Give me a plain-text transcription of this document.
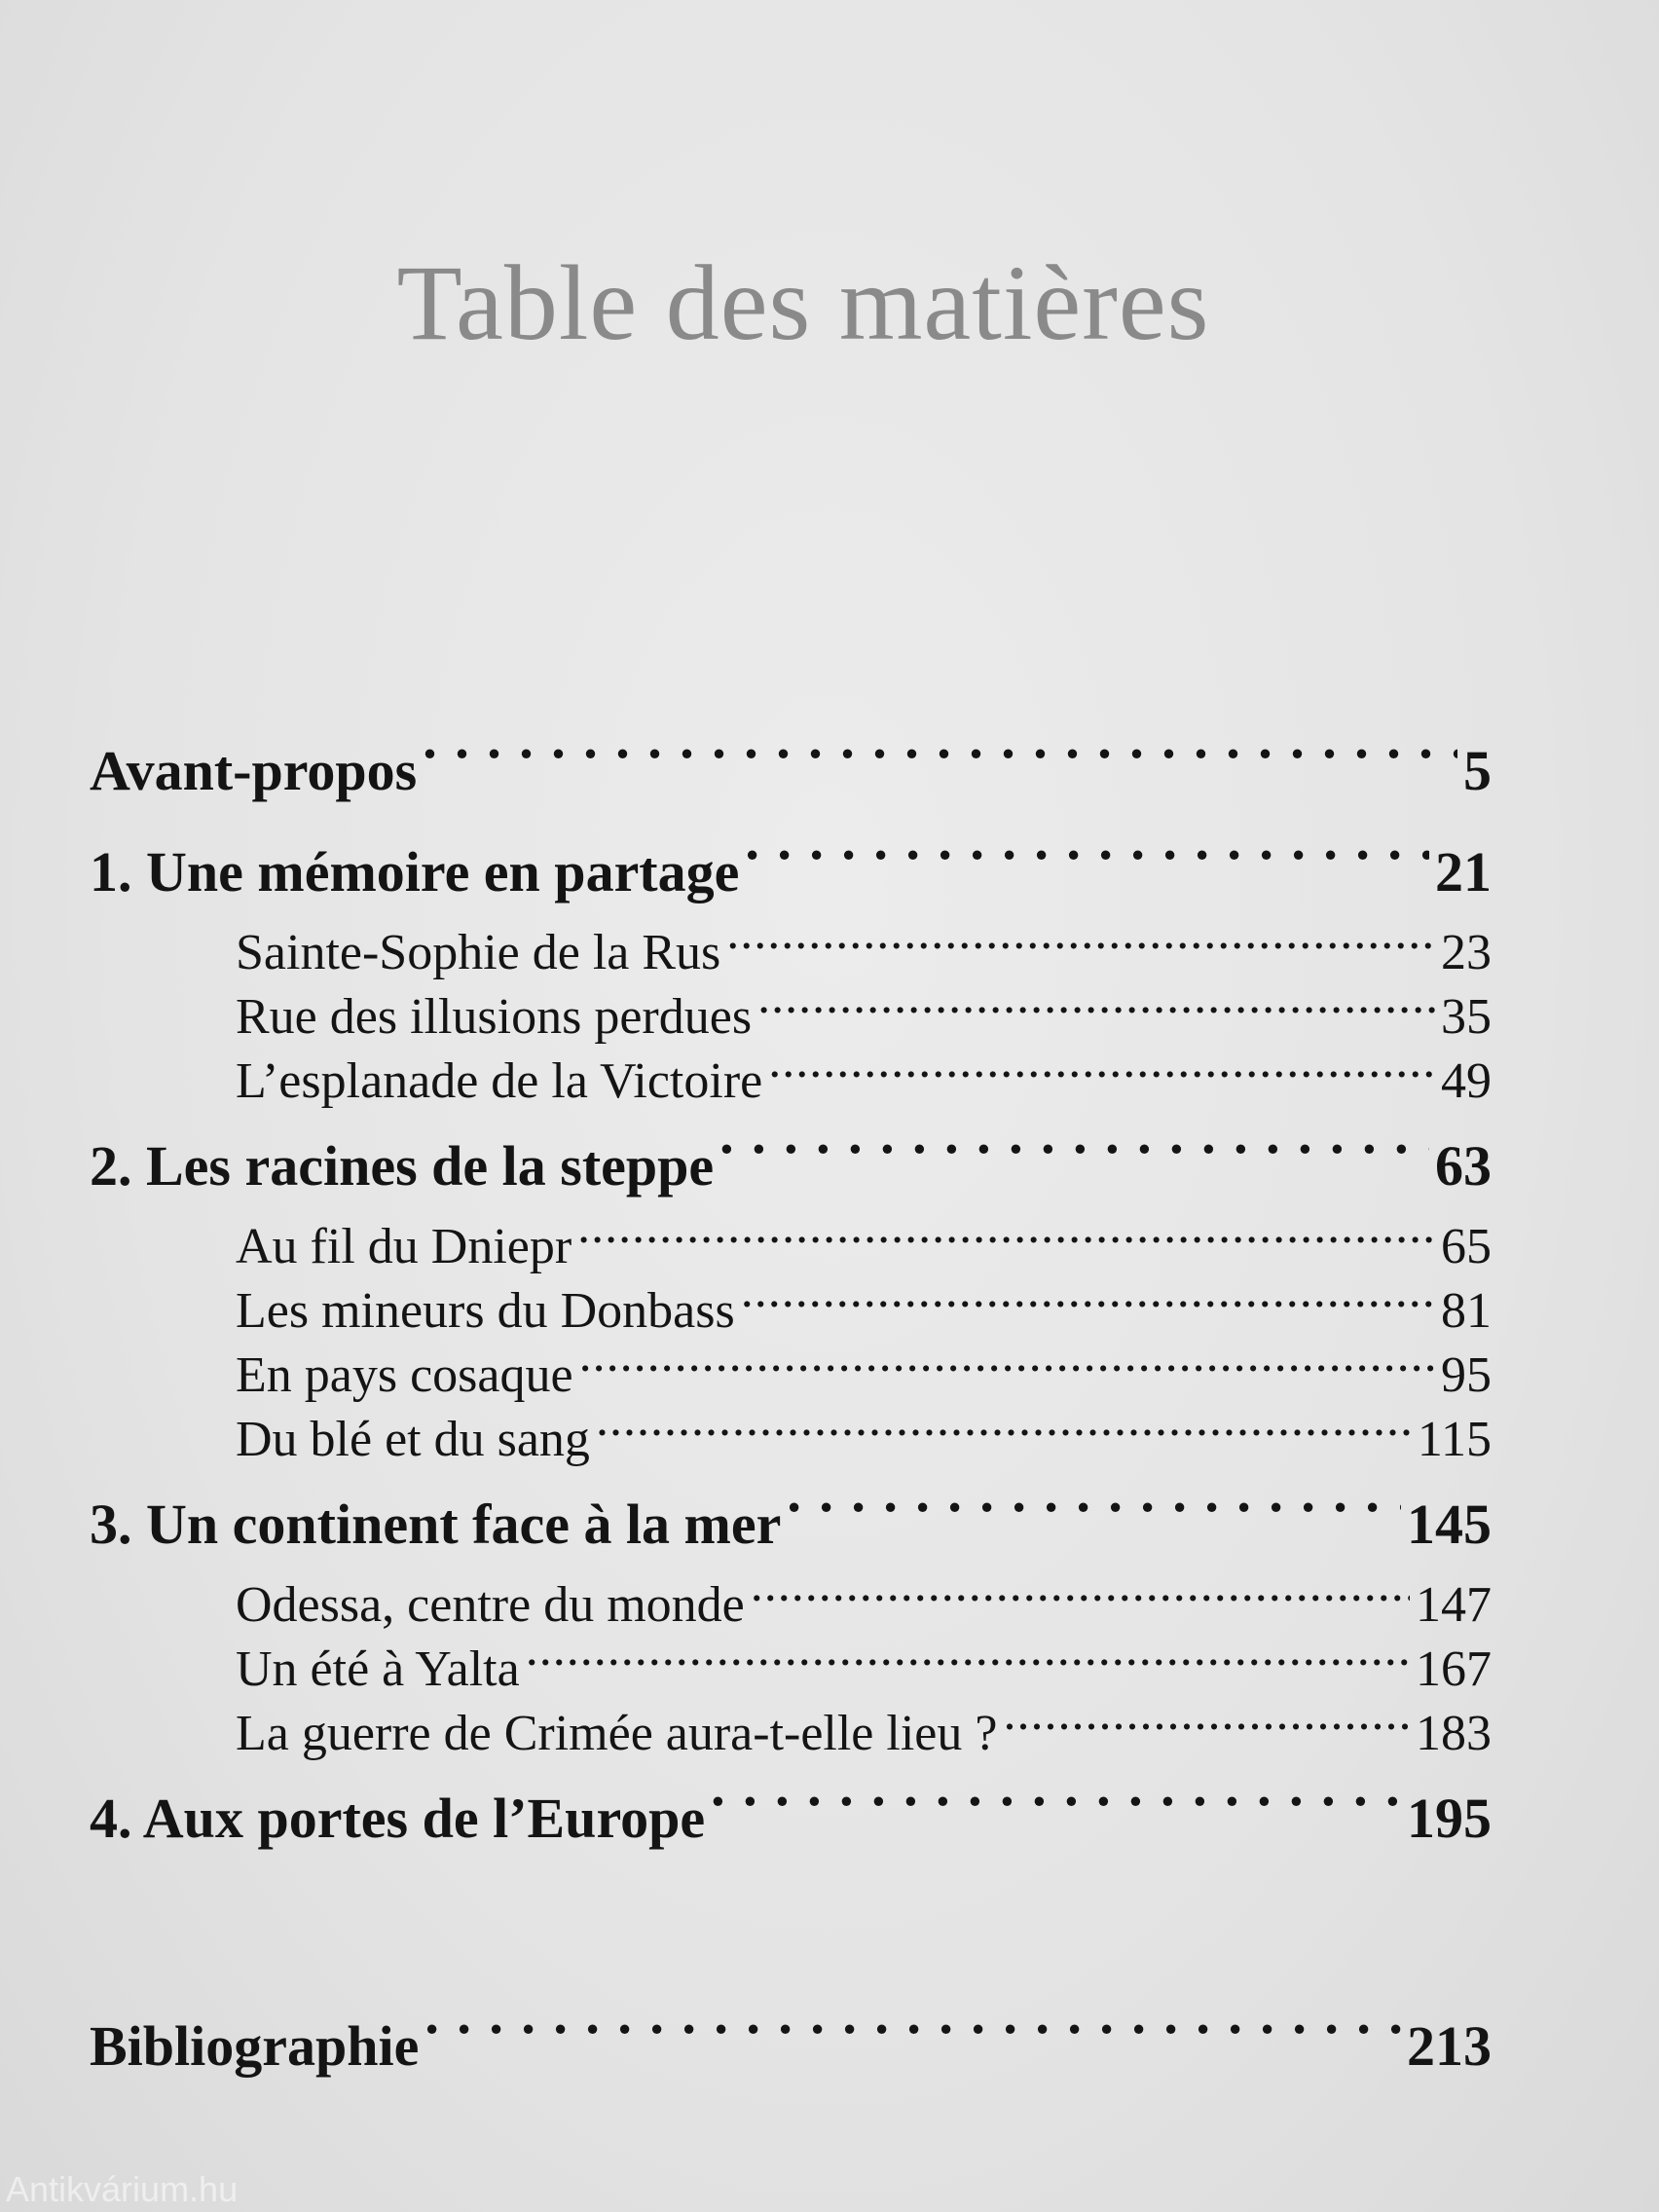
Table des matières
Avant-propos . . .	5
1. Une mémoire en partage . . .	21
Sainte-Sophie de la Rus .....	23
Rue des illusions perdues .....	35
L’esplanade de la Victoire .....	49
2. Les racines de la steppe . . .	63
Au fil du Dniepr .....	65
Les mineurs du Donbass .....	81
En pays cosaque .....	95
Du blé et du sang .....	115
3. Un continent face à la mer . . .	145
Odessa, centre du monde .....	147
Un été à Yalta .....	167
La guerre de Crimée aura-t-elle lieu ? .....	183
4. Aux portes de l’Europe . . .	195
Bibliographie . . .	213
Antikvárium.hu
